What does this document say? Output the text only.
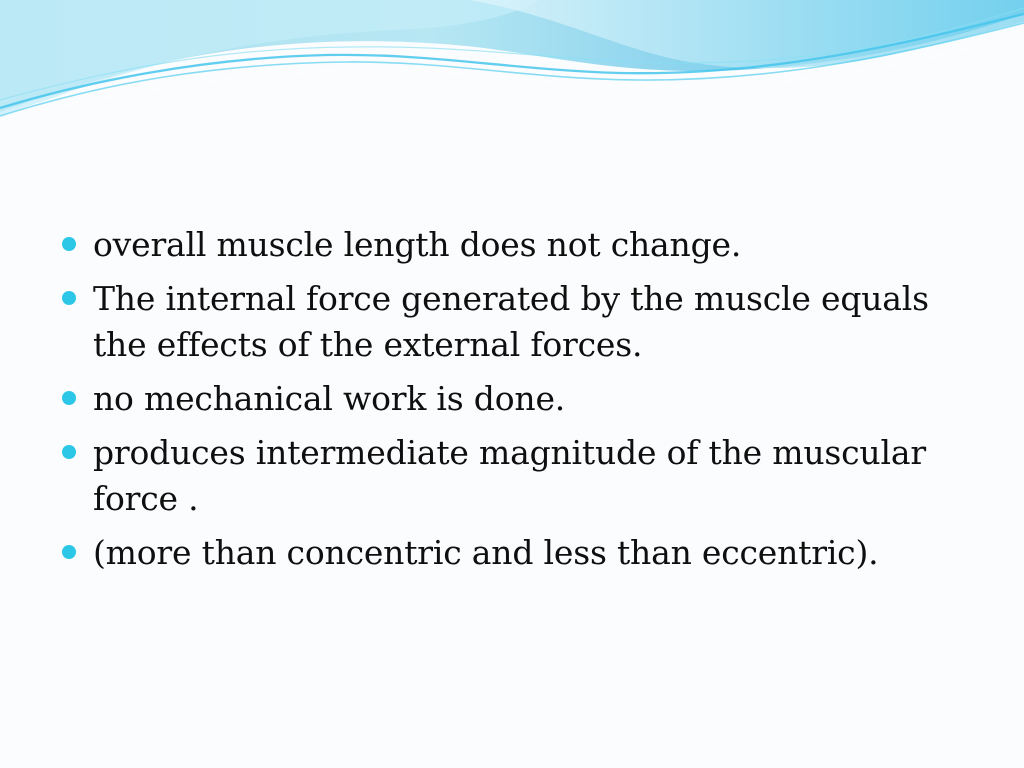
overall muscle length does not change.
The internal force generated by the muscle equals the effects of the external forces.
no mechanical work is done.
produces intermediate magnitude of the muscular force .
(more than concentric and less than eccentric).
